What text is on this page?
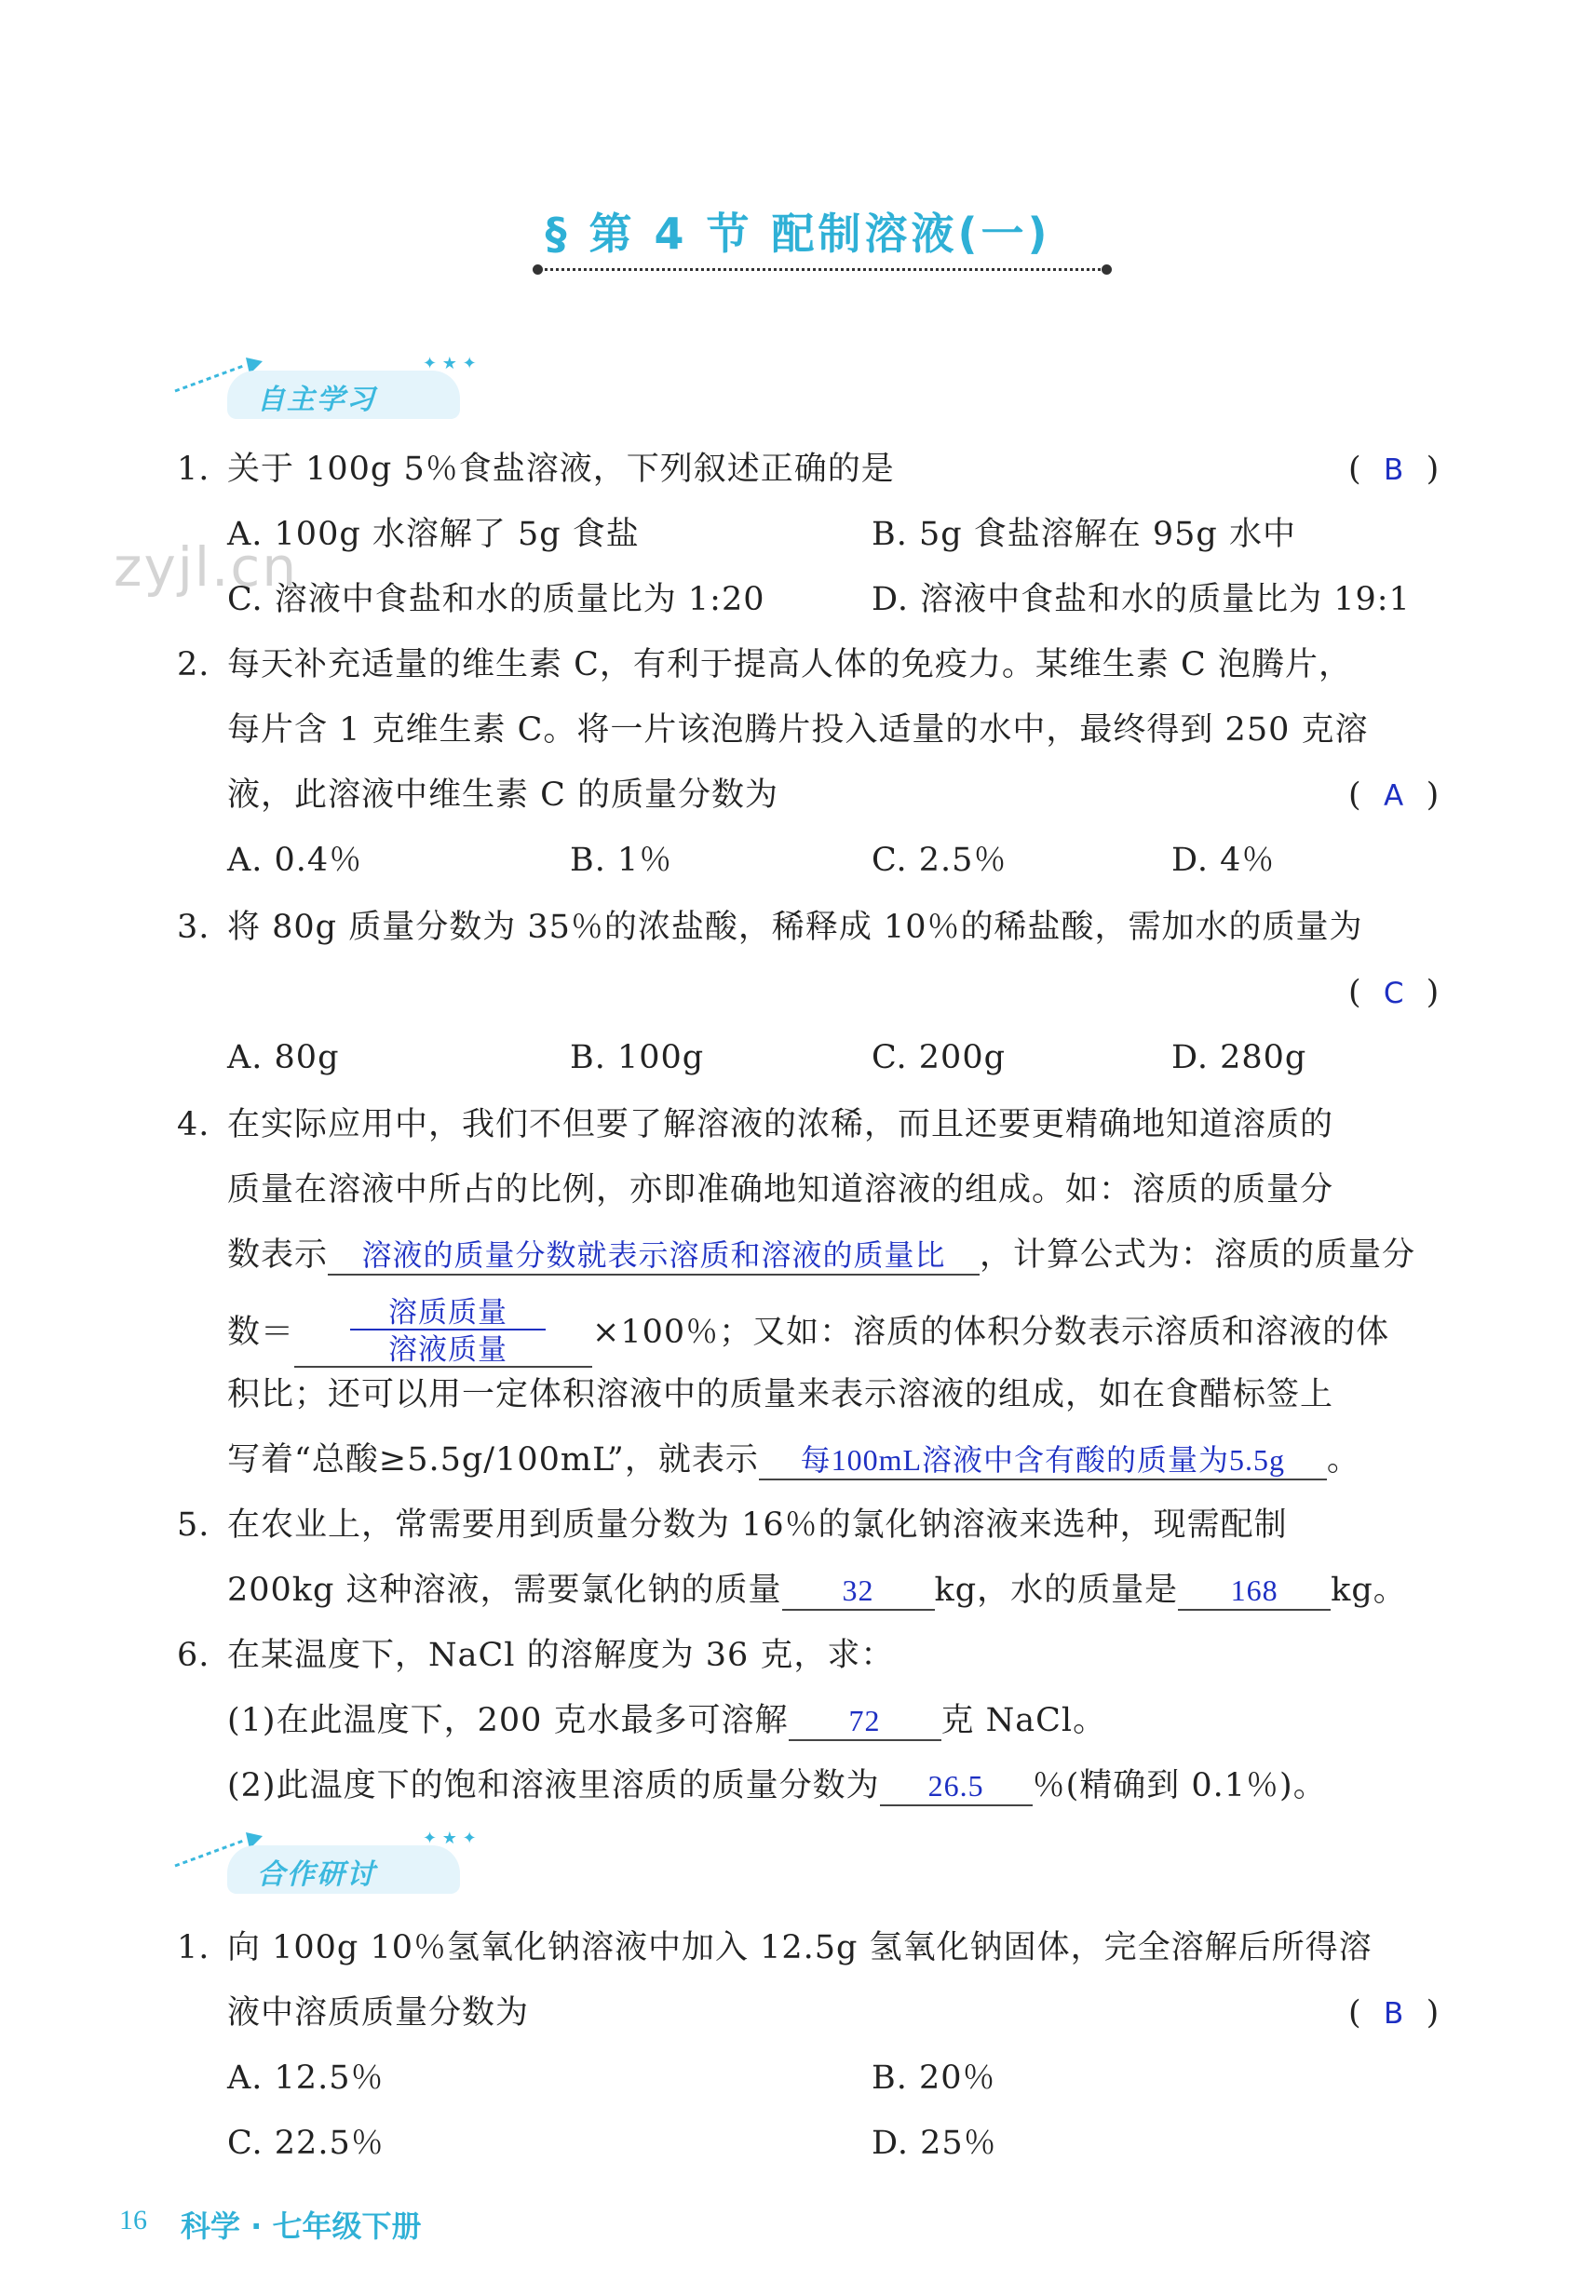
§ 第 4 节 配制溶液(一)
zyjl.cn
自主学习
✦ ★ ✦
1. 关于 100g 5％食盐溶液，下列叙述正确的是	( B )
A. 100g 水溶解了 5g 食盐	B. 5g 食盐溶解在 95g 水中
C. 溶液中食盐和水的质量比为 1:20	D. 溶液中食盐和水的质量比为 19:1
2. 每天补充适量的维生素 C，有利于提高人体的免疫力。某维生素 C 泡腾片，
每片含 1 克维生素 C。将一片该泡腾片投入适量的水中，最终得到 250 克溶
液，此溶液中维生素 C 的质量分数为	( A )
A. 0.4％	B. 1％	C. 2.5％	D. 4％
3. 将 80g 质量分数为 35％的浓盐酸，稀释成 10％的稀盐酸，需加水的质量为
( C )
A. 80g	B. 100g	C. 200g	D. 280g
4. 在实际应用中，我们不但要了解溶液的浓稀，而且还要更精确地知道溶质的
质量在溶液中所占的比例，亦即准确地知道溶液的组成。如：溶质的质量分
数表示 溶液的质量分数就表示溶质和溶液的质量比 ，计算公式为：溶质的质量分
数＝ $\frac{\text{溶质质量}}{\text{溶液质量}} \times 100$％；又如：溶质的体积分数表示溶质和溶液的体
积比；还可以用一定体积溶液中的质量来表示溶液的组成，如在食醋标签上
写着“总酸≥5.5g/100mL”，就表示 每100mL溶液中含有酸的质量为5.5g 。
5. 在农业上，常需要用到质量分数为 16％的氯化钠溶液来选种，现需配制
200kg 这种溶液，需要氯化钠的质量 32 kg，水的质量是 168 kg。
6. 在某温度下，NaCl 的溶解度为 36 克，求：
(1)在此温度下，200 克水最多可溶解 72 克 NaCl。
(2)此温度下的饱和溶液里溶质的质量分数为 26.5 ％(精确到 0.1％)。
合作研讨
✦ ★ ✦
1. 向 100g 10％氢氧化钠溶液中加入 12.5g 氢氧化钠固体，完全溶解后所得溶
液中溶质质量分数为	( B )
A. 12.5％	B. 20％
C. 22.5％	D. 25％
16 科学 · 七年级下册
